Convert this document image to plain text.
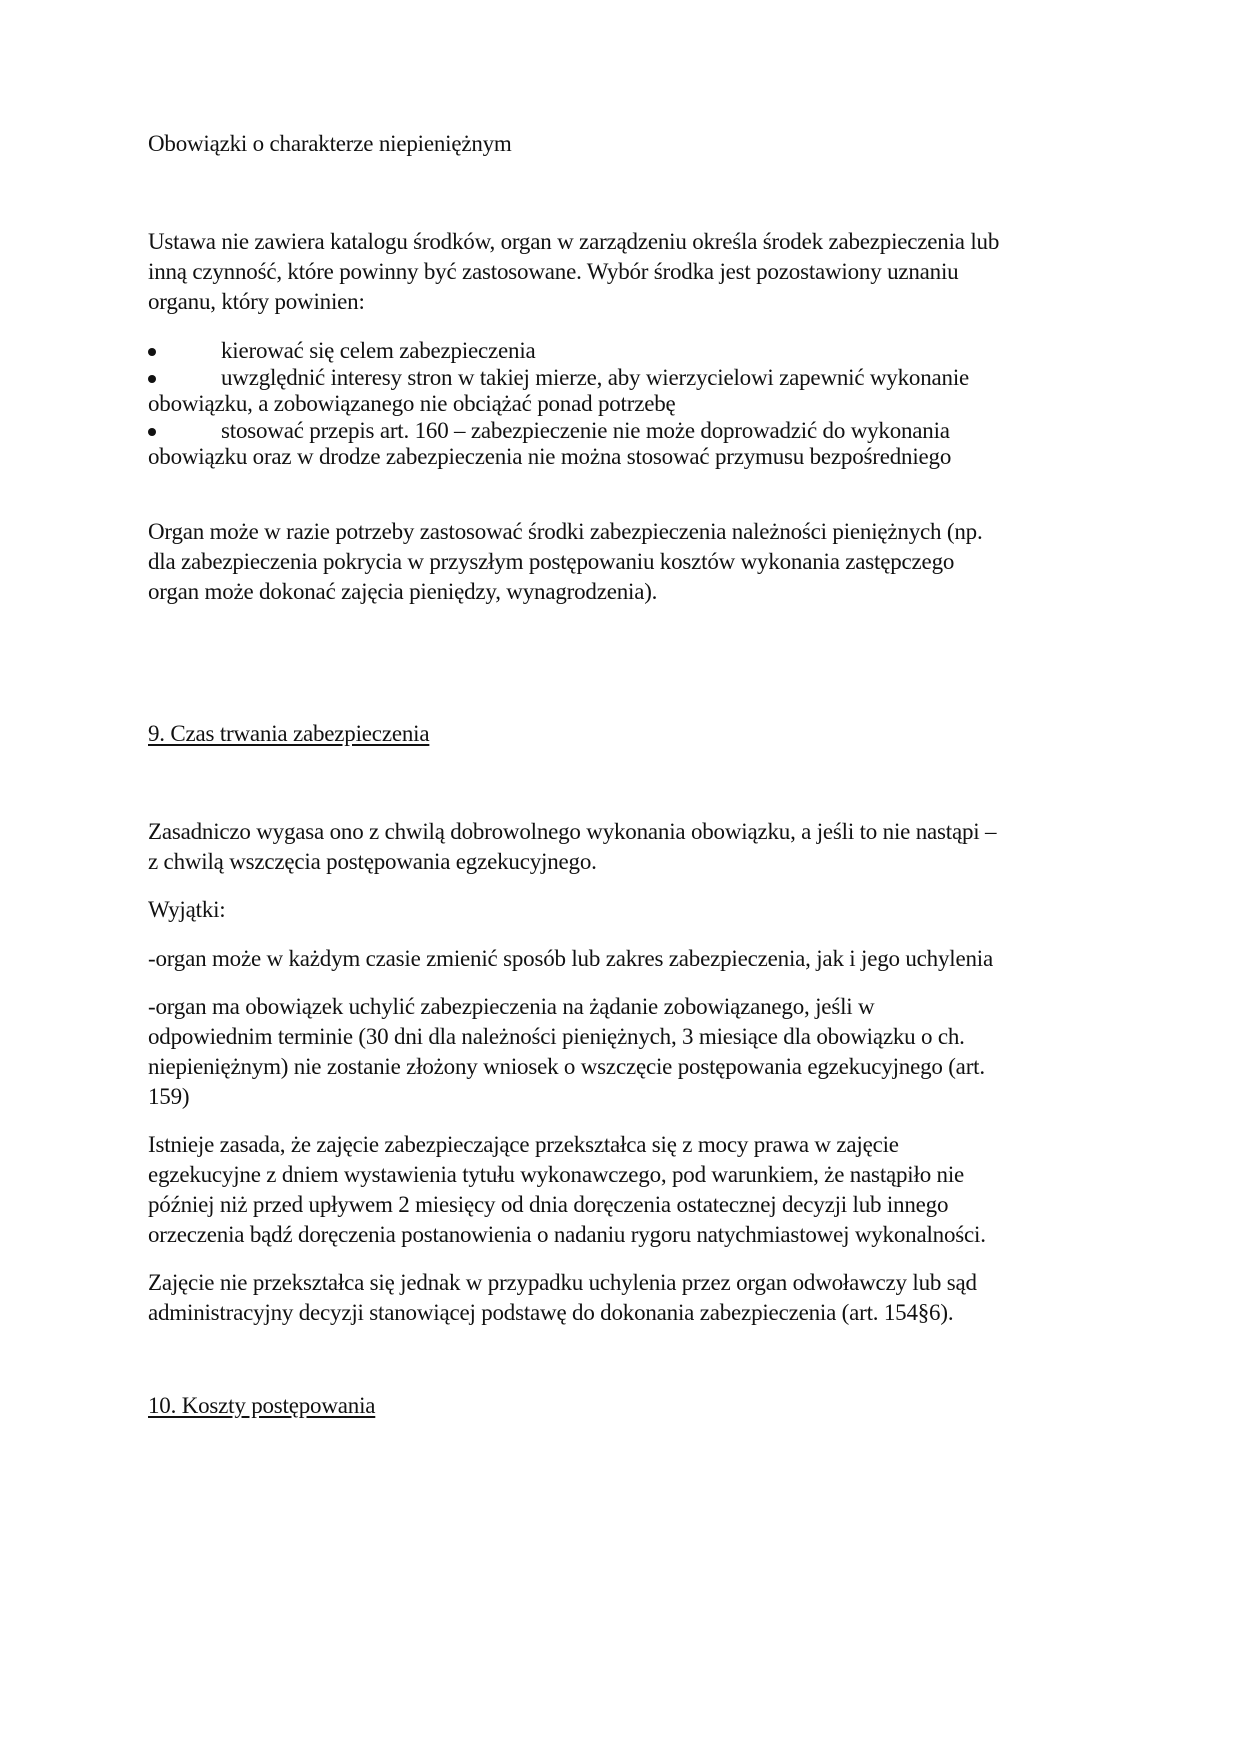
Obowiązki o charakterze niepieniężnym
Ustawa nie zawiera katalogu środków, organ w zarządzeniu określa środek zabezpieczenia lub
inną czynność, które powinny być zastosowane. Wybór środka jest pozostawiony uznaniu
organu, który powinien:
kierować się celem zabezpieczenia
uwzględnić interesy stron w takiej mierze, aby wierzycielowi zapewnić wykonanie
obowiązku, a zobowiązanego nie obciążać ponad potrzebę
stosować przepis art. 160 – zabezpieczenie nie może doprowadzić do wykonania
obowiązku oraz w drodze zabezpieczenia nie można stosować przymusu bezpośredniego
Organ może w razie potrzeby zastosować środki zabezpieczenia należności pieniężnych (np.
dla zabezpieczenia pokrycia w przyszłym postępowaniu kosztów wykonania zastępczego
organ może dokonać zajęcia pieniędzy, wynagrodzenia).
9. Czas trwania zabezpieczenia
Zasadniczo wygasa ono z chwilą dobrowolnego wykonania obowiązku, a jeśli to nie nastąpi –
z chwilą wszczęcia postępowania egzekucyjnego.
Wyjątki:
-organ może w każdym czasie zmienić sposób lub zakres zabezpieczenia, jak i jego uchylenia
-organ ma obowiązek uchylić zabezpieczenia na żądanie zobowiązanego, jeśli w
odpowiednim terminie (30 dni dla należności pieniężnych, 3 miesiące dla obowiązku o ch.
niepieniężnym) nie zostanie złożony wniosek o wszczęcie postępowania egzekucyjnego (art.
159)
Istnieje zasada, że zajęcie zabezpieczające przekształca się z mocy prawa w zajęcie
egzekucyjne z dniem wystawienia tytułu wykonawczego, pod warunkiem, że nastąpiło nie
później niż przed upływem 2 miesięcy od dnia doręczenia ostatecznej decyzji lub innego
orzeczenia bądź doręczenia postanowienia o nadaniu rygoru natychmiastowej wykonalności.
Zajęcie nie przekształca się jednak w przypadku uchylenia przez organ odwoławczy lub sąd
administracyjny decyzji stanowiącej podstawę do dokonania zabezpieczenia (art. 154§6).
10. Koszty postępowania
